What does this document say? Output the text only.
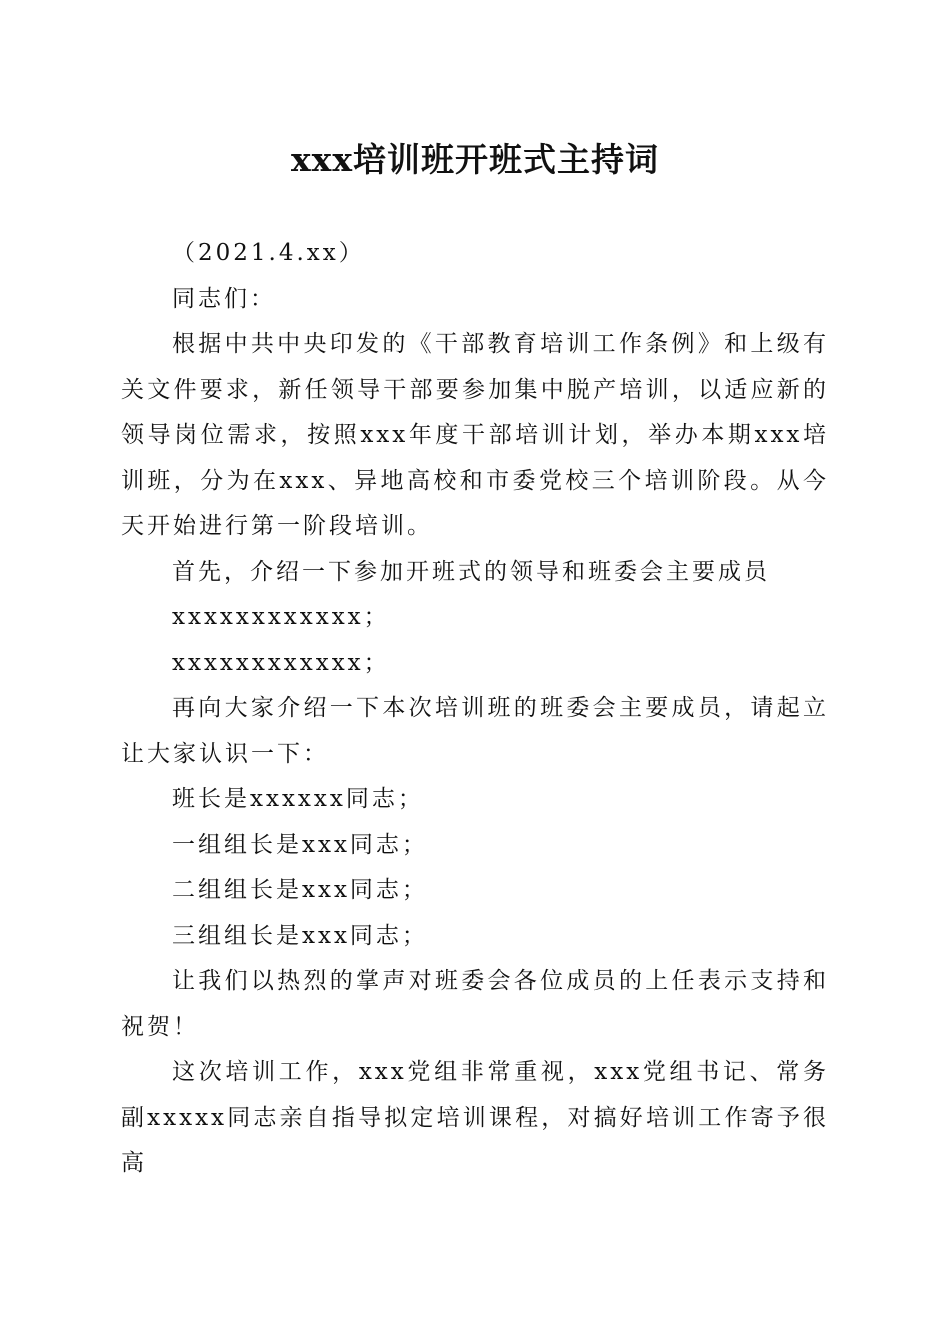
xxx培训班开班式主持词

（2021.4.xx）

同志们：

根据中共中央印发的《干部教育培训工作条例》和上级有关文件要求，新任领导干部要参加集中脱产培训，以适应新的领导岗位需求，按照xxx年度干部培训计划，举办本期xxx培训班，分为在xxx、异地高校和市委党校三个培训阶段。从今天开始进行第一阶段培训。

首先，介绍一下参加开班式的领导和班委会主要成员

xxxxxxxxxxxx；

xxxxxxxxxxxx；

再向大家介绍一下本次培训班的班委会主要成员，请起立让大家认识一下：

班长是xxxxxx同志；

一组组长是xxx同志；

二组组长是xxx同志；

三组组长是xxx同志；

让我们以热烈的掌声对班委会各位成员的上任表示支持和祝贺！

这次培训工作，xxx党组非常重视，xxx党组书记、常务副xxxxx同志亲自指导拟定培训课程，对搞好培训工作寄予很高
